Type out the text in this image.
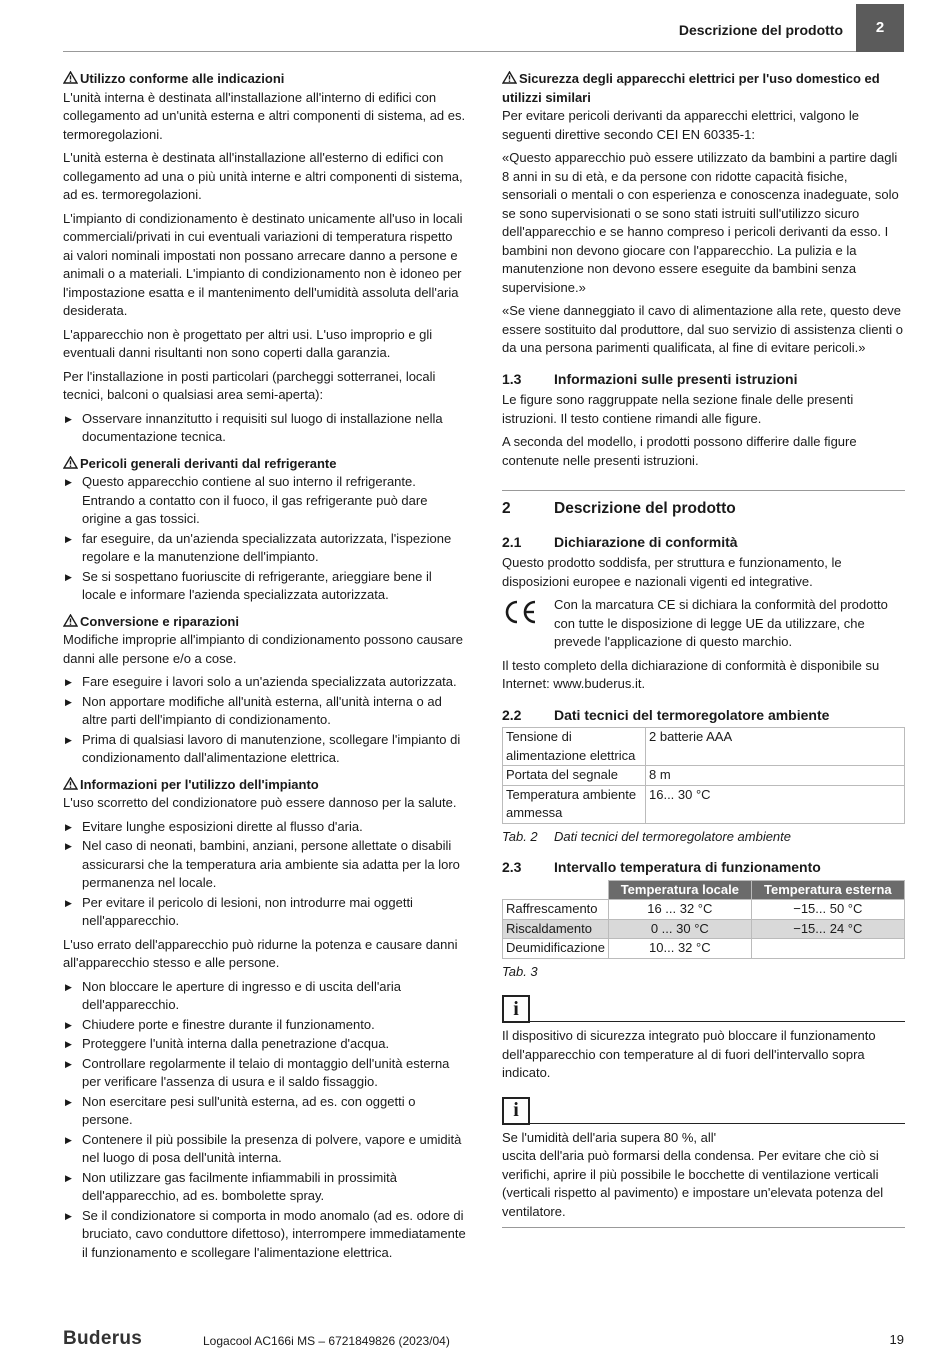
Descrizione del prodotto	2

Utilizzo conforme alle indicazioni

L'unità interna è destinata all'installazione all'interno di edifici con collegamento ad un'unità esterna e altri componenti di sistema, ad es. termoregolazioni.

L'unità esterna è destinata all'installazione all'esterno di edifici con collegamento ad una o più unità interne e altri componenti di sistema, ad es. termoregolazioni.

L'impianto di condizionamento è destinato unicamente all'uso in locali commerciali/privati in cui eventuali variazioni di temperatura rispetto ai valori nominali impostati non possano arrecare danno a persone e animali o a materiali. L'impianto di condizionamento non è idoneo per l'impostazione esatta e il mantenimento dell'umidità assoluta dell'aria desiderata.

L'apparecchio non è progettato per altri usi. L'uso improprio e gli eventuali danni risultanti non sono coperti dalla garanzia.

Per l'installazione in posti particolari (parcheggi sotterranei, locali tecnici, balconi o qualsiasi area semi-aperta):

▶ Osservare innanzitutto i requisiti sul luogo di installazione nella documentazione tecnica.

Pericoli generali derivanti dal refrigerante

▶ Questo apparecchio contiene al suo interno il refrigerante. Entrando a contatto con il fuoco, il gas refrigerante può dare origine a gas tossici.
▶ far eseguire, da un'azienda specializzata autorizzata, l'ispezione regolare e la manutenzione dell'impianto.
▶ Se si sospettano fuoriuscite di refrigerante, arieggiare bene il locale e informare l'azienda specializzata autorizzata.

Conversione e riparazioni

Modifiche improprie all'impianto di condizionamento possono causare danni alle persone e/o a cose.

▶ Fare eseguire i lavori solo a un'azienda specializzata autorizzata.
▶ Non apportare modifiche all'unità esterna, all'unità interna o ad altre parti dell'impianto di condizionamento.
▶ Prima di qualsiasi lavoro di manutenzione, scollegare l'impianto di condizionamento dall'alimentazione elettrica.

Informazioni per l'utilizzo dell'impianto

L'uso scorretto del condizionatore può essere dannoso per la salute.

▶ Evitare lunghe esposizioni dirette al flusso d'aria.
▶ Nel caso di neonati, bambini, anziani, persone allettate o disabili assicurarsi che la temperatura aria ambiente sia adatta per la loro permanenza nel locale.
▶ Per evitare il pericolo di lesioni, non introdurre mai oggetti nell'apparecchio.

L'uso errato dell'apparecchio può ridurne la potenza e causare danni all'apparecchio stesso e alle persone.

▶ Non bloccare le aperture di ingresso e di uscita dell'aria dell'apparecchio.
▶ Chiudere porte e finestre durante il funzionamento.
▶ Proteggere l'unità interna dalla penetrazione d'acqua.
▶ Controllare regolarmente il telaio di montaggio dell'unità esterna per verificare l'assenza di usura e il saldo fissaggio.
▶ Non esercitare pesi sull'unità esterna, ad es. con oggetti o persone.
▶ Contenere il più possibile la presenza di polvere, vapore e umidità nel luogo di posa dell'unità interna.
▶ Non utilizzare gas facilmente infiammabili in prossimità dell'apparecchio, ad es. bombolette spray.
▶ Se il condizionatore si comporta in modo anomalo (ad es. odore di bruciato, cavo conduttore difettoso), interrompere immediatamente il funzionamento e scollegare l'alimentazione elettrica.

Sicurezza degli apparecchi elettrici per l'uso domestico ed utilizzi similari

Per evitare pericoli derivanti da apparecchi elettrici, valgono le seguenti direttive secondo CEI EN 60335-1:

«Questo apparecchio può essere utilizzato da bambini a partire dagli 8 anni in su di età, e da persone con ridotte capacità fisiche, sensoriali o mentali o con esperienza e conoscenza inadeguate, solo se sono supervisionati o se sono stati istruiti sull'utilizzo sicuro dell'apparecchio e se hanno compreso i pericoli derivanti da esso. I bambini non devono giocare con l'apparecchio. La pulizia e la manutenzione non devono essere eseguite da bambini senza supervisione.»

«Se viene danneggiato il cavo di alimentazione alla rete, questo deve essere sostituito dal produttore, dal suo servizio di assistenza clienti o da una persona parimenti qualificata, al fine di evitare pericoli.»

1.3	Informazioni sulle presenti istruzioni

Le figure sono raggruppate nella sezione finale delle presenti istruzioni. Il testo contiene rimandi alle figure.

A seconda del modello, i prodotti possono differire dalle figure contenute nelle presenti istruzioni.

2	Descrizione del prodotto
2.1	Dichiarazione di conformità

Questo prodotto soddisfa, per struttura e funzionamento, le disposizioni europee e nazionali vigenti ed integrative.

Con la marcatura CE si dichiara la conformità del prodotto con tutte le disposizione di legge UE da utilizzare, che prevede l'applicazione di questo marchio.

Il testo completo della dichiarazione di conformità è disponibile su Internet: www.buderus.it.

2.2	Dati tecnici del termoregolatore ambiente
Tensione di alimentazione elettrica	2 batterie AAA
Portata del segnale	8 m
Temperatura ambiente ammessa	16... 30 °C
Tab. 2 Dati tecnici del termoregolatore ambiente
2.3	Intervallo temperatura di funzionamento
	Temperatura locale	Temperatura esterna
Raffrescamento	16 ... 32 °C	−15... 50 °C
Riscaldamento	0 ... 30 °C	−15... 24 °C
Deumidificazione	10... 32 °C	
Tab. 3
i

Il dispositivo di sicurezza integrato può bloccare il funzionamento dell'apparecchio con temperature al di fuori dell'intervallo sopra indicato.

i

Se l'umidità dell'aria supera 80 %, all'

uscita dell'aria può formarsi della condensa. Per evitare che ciò si verifichi, aprire il più possibile le bocchette di ventilazione verticali (verticali rispetto al pavimento) e impostare un'elevata potenza del ventilatore.

Buderus	Logacool AC166i MS – 6721849826 (2023/04)	19
